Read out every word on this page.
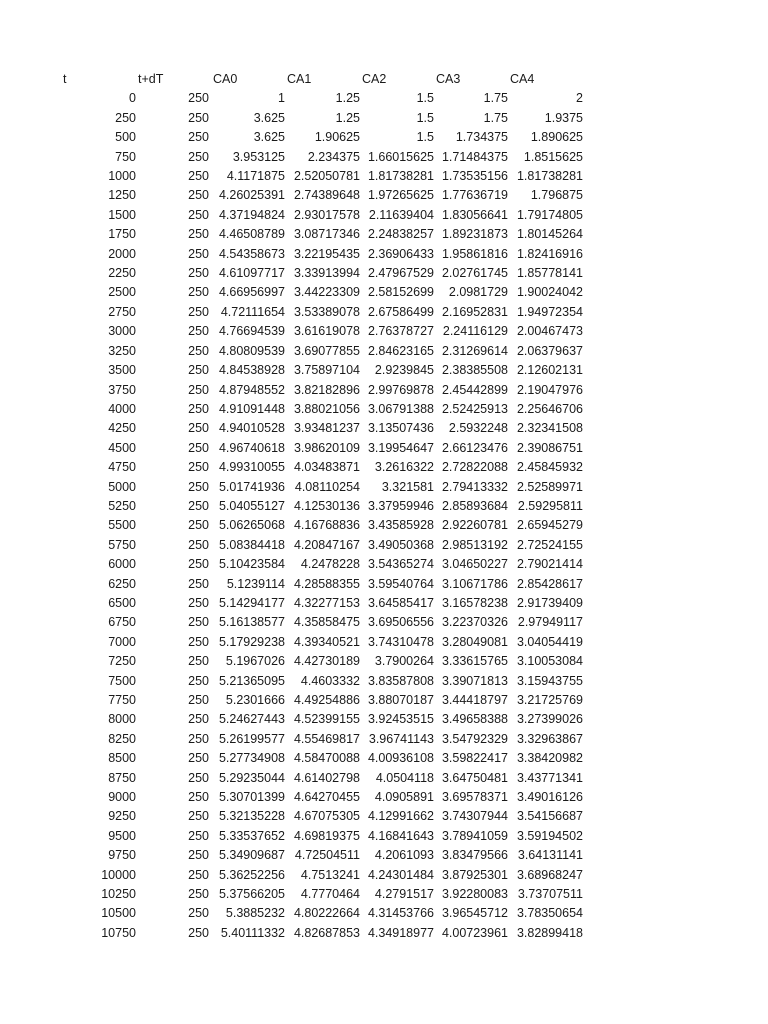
t	t+dT	CA0	CA1	CA2	CA3	CA4
0	250	1	1.25	1.5	1.75	2
250	250	3.625	1.25	1.5	1.75	1.9375
500	250	3.625	1.90625	1.5	1.734375	1.890625
750	250	3.953125	2.234375	1.66015625	1.71484375	1.8515625
1000	250	4.1171875	2.52050781	1.81738281	1.73535156	1.81738281
1250	250	4.26025391	2.74389648	1.97265625	1.77636719	1.796875
1500	250	4.37194824	2.93017578	2.11639404	1.83056641	1.79174805
1750	250	4.46508789	3.08717346	2.24838257	1.89231873	1.80145264
2000	250	4.54358673	3.22195435	2.36906433	1.95861816	1.82416916
2250	250	4.61097717	3.33913994	2.47967529	2.02761745	1.85778141
2500	250	4.66956997	3.44223309	2.58152699	2.0981729	1.90024042
2750	250	4.72111654	3.53389078	2.67586499	2.16952831	1.94972354
3000	250	4.76694539	3.61619078	2.76378727	2.24116129	2.00467473
3250	250	4.80809539	3.69077855	2.84623165	2.31269614	2.06379637
3500	250	4.84538928	3.75897104	2.9239845	2.38385508	2.12602131
3750	250	4.87948552	3.82182896	2.99769878	2.45442899	2.19047976
4000	250	4.91091448	3.88021056	3.06791388	2.52425913	2.25646706
4250	250	4.94010528	3.93481237	3.13507436	2.5932248	2.32341508
4500	250	4.96740618	3.98620109	3.19954647	2.66123476	2.39086751
4750	250	4.99310055	4.03483871	3.2616322	2.72822088	2.45845932
5000	250	5.01741936	4.08110254	3.321581	2.79413332	2.52589971
5250	250	5.04055127	4.12530136	3.37959946	2.85893684	2.59295811
5500	250	5.06265068	4.16768836	3.43585928	2.92260781	2.65945279
5750	250	5.08384418	4.20847167	3.49050368	2.98513192	2.72524155
6000	250	5.10423584	4.2478228	3.54365274	3.04650227	2.79021414
6250	250	5.1239114	4.28588355	3.59540764	3.10671786	2.85428617
6500	250	5.14294177	4.32277153	3.64585417	3.16578238	2.91739409
6750	250	5.16138577	4.35858475	3.69506556	3.22370326	2.97949117
7000	250	5.17929238	4.39340521	3.74310478	3.28049081	3.04054419
7250	250	5.1967026	4.42730189	3.7900264	3.33615765	3.10053084
7500	250	5.21365095	4.4603332	3.83587808	3.39071813	3.15943755
7750	250	5.2301666	4.49254886	3.88070187	3.44418797	3.21725769
8000	250	5.24627443	4.52399155	3.92453515	3.49658388	3.27399026
8250	250	5.26199577	4.55469817	3.96741143	3.54792329	3.32963867
8500	250	5.27734908	4.58470088	4.00936108	3.59822417	3.38420982
8750	250	5.29235044	4.61402798	4.0504118	3.64750481	3.43771341
9000	250	5.30701399	4.64270455	4.0905891	3.69578371	3.49016126
9250	250	5.32135228	4.67075305	4.12991662	3.74307944	3.54156687
9500	250	5.33537652	4.69819375	4.16841643	3.78941059	3.59194502
9750	250	5.34909687	4.72504511	4.2061093	3.83479566	3.64131141
10000	250	5.36252256	4.7513241	4.24301484	3.87925301	3.68968247
10250	250	5.37566205	4.7770464	4.2791517	3.92280083	3.73707511
10500	250	5.3885232	4.80222664	4.31453766	3.96545712	3.78350654
10750	250	5.40111332	4.82687853	4.34918977	4.00723961	3.82899418
